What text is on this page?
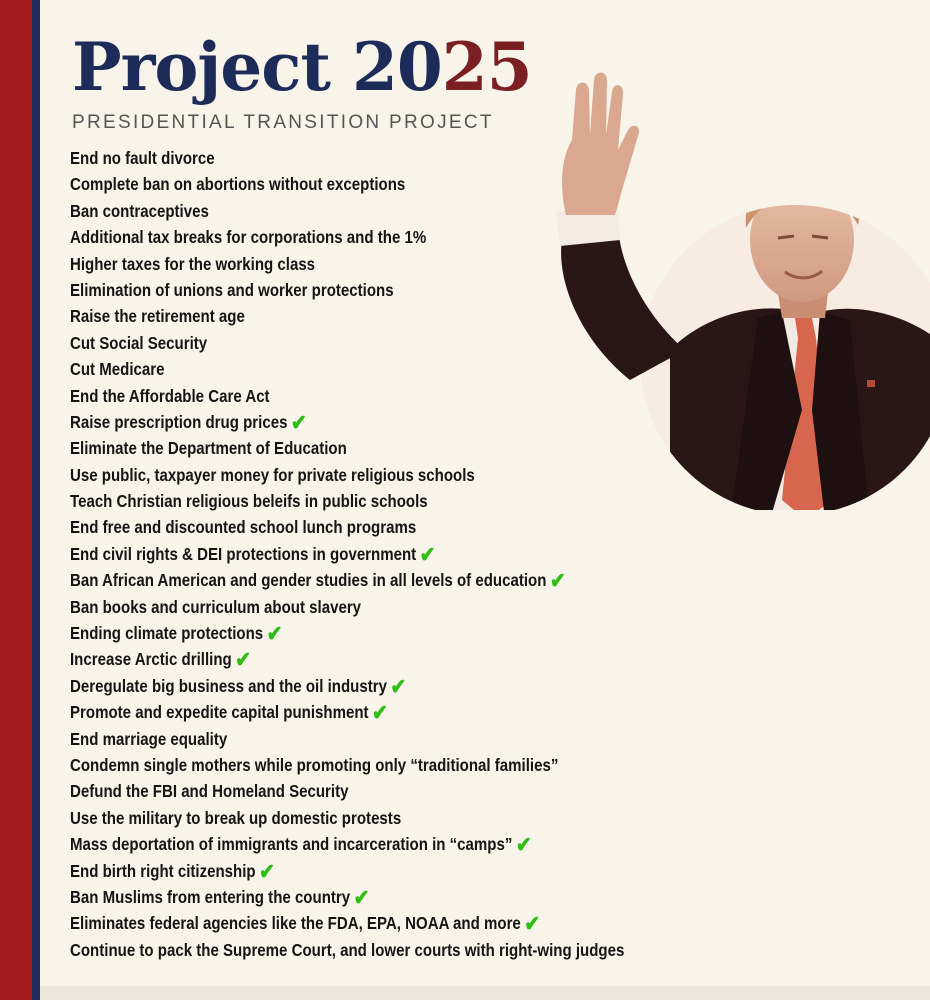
Project 2025
PRESIDENTIAL TRANSITION PROJECT
End no fault divorce
Complete ban on abortions without exceptions
Ban contraceptives
Additional tax breaks for corporations and the 1%
Higher taxes for the working class
Elimination of unions and worker protections
Raise the retirement age
Cut Social Security
Cut Medicare
End the Affordable Care Act
Raise prescription drug prices✔
Eliminate the Department of Education
Use public, taxpayer money for private religious schools
Teach Christian religious beleifs in public schools
End free and discounted school lunch programs
End civil rights & DEI protections in government✔
Ban African American and gender studies in all levels of education✔
Ban books and curriculum about slavery
Ending climate protections✔
Increase Arctic drilling✔
Deregulate big business and the oil industry✔
Promote and expedite capital punishment✔
End marriage equality
Condemn single mothers while promoting only “traditional families”
Defund the FBI and Homeland Security
Use the military to break up domestic protests
Mass deportation of immigrants and incarceration in “camps”✔
End birth right citizenship✔
Ban Muslims from entering the country✔
Eliminates federal agencies like the FDA, EPA, NOAA and more✔
Continue to pack the Supreme Court, and lower courts with right-wing judges
